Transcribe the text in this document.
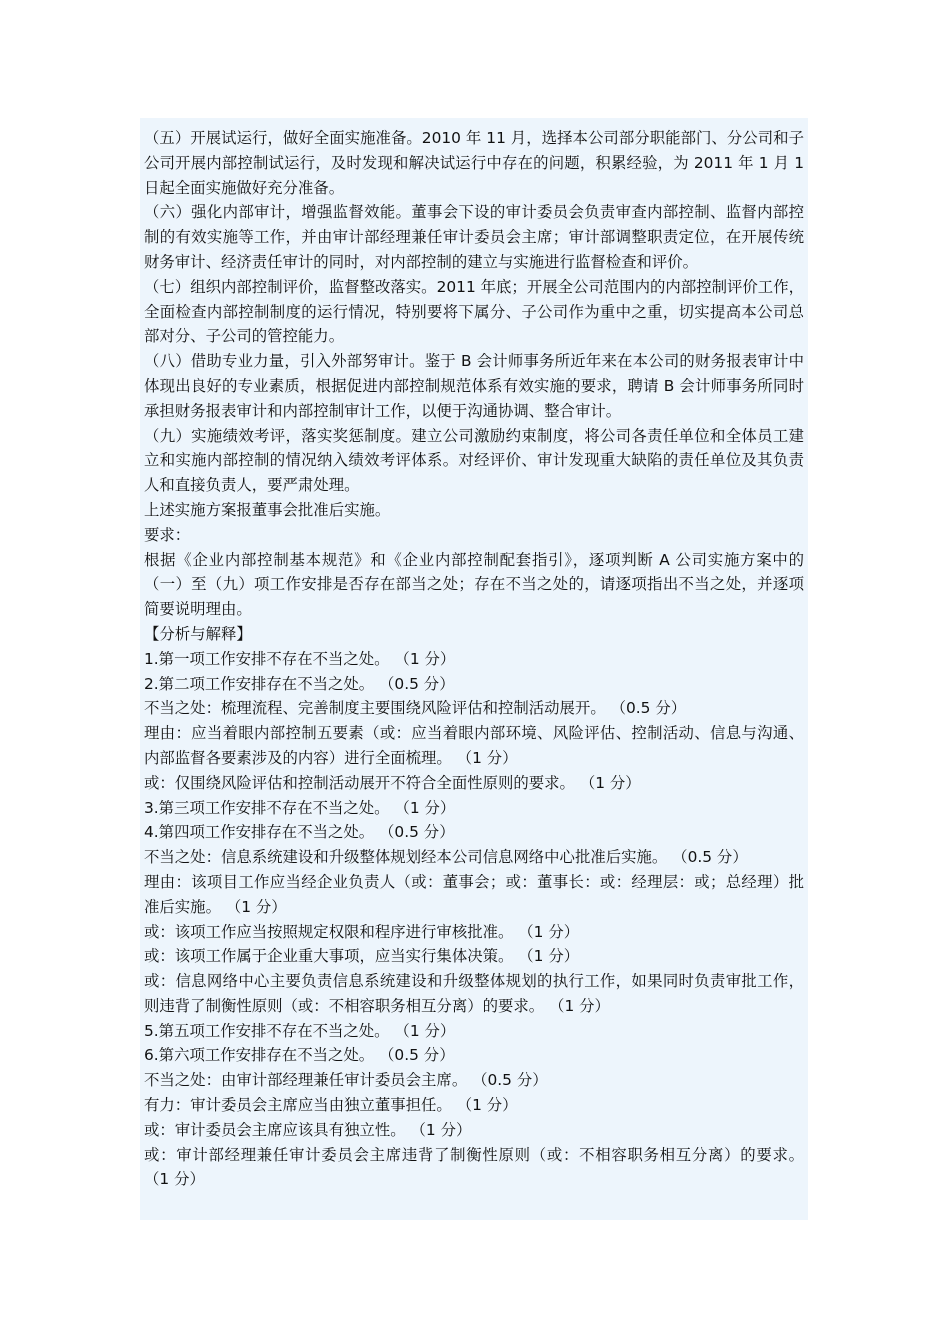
（五）开展试运行，做好全面实施准备。2010 年 11 月，选择本公司部分职能部门、分公司和子公司开展内部控制试运行，及时发现和解决试运行中存在的问题，积累经验，为 2011 年 1 月 1 日起全面实施做好充分准备。

（六）强化内部审计，增强监督效能。董事会下设的审计委员会负责审查内部控制、监督内部控制的有效实施等工作，并由审计部经理兼任审计委员会主席；审计部调整职责定位，在开展传统财务审计、经济责任审计的同时，对内部控制的建立与实施进行监督检查和评价。

（七）组织内部控制评价，监督整改落实。2011 年底；开展全公司范围内的内部控制评价工作，全面检查内部控制制度的运行情况，特别要将下属分、子公司作为重中之重，切实提高本公司总部对分、子公司的管控能力。

（八）借助专业力量，引入外部努审计。鉴于 B 会计师事务所近年来在本公司的财务报表审计中体现出良好的专业素质，根据促进内部控制规范体系有效实施的要求，聘请 B 会计师事务所同时承担财务报表审计和内部控制审计工作，以便于沟通协调、整合审计。

（九）实施绩效考评，落实奖惩制度。建立公司激励约束制度，将公司各责任单位和全体员工建立和实施内部控制的情况纳入绩效考评体系。对经评价、审计发现重大缺陷的责任单位及其负责人和直接负责人，要严肃处理。

上述实施方案报董事会批准后实施。

要求：

根据《企业内部控制基本规范》和《企业内部控制配套指引》，逐项判断 A 公司实施方案中的（一）至（九）项工作安排是否存在部当之处；存在不当之处的，请逐项指出不当之处，并逐项简要说明理由。

【分析与解释】

1.第一项工作安排不存在不当之处。 （1 分）

2.第二项工作安排存在不当之处。 （0.5 分）

不当之处：梳理流程、完善制度主要围绕风险评估和控制活动展开。 （0.5 分）

理由：应当着眼内部控制五要素（或：应当着眼内部环境、风险评估、控制活动、信息与沟通、内部监督各要素涉及的内容）进行全面梳理。 （1 分）

或：仅围绕风险评估和控制活动展开不符合全面性原则的要求。 （1 分）

3.第三项工作安排不存在不当之处。 （1 分）

4.第四项工作安排存在不当之处。 （0.5 分）

不当之处：信息系统建设和升级整体规划经本公司信息网络中心批准后实施。 （0.5 分）

理由：该项目工作应当经企业负责人（或：董事会；或：董事长：或：经理层：或；总经理）批准后实施。 （1 分）

或：该项工作应当按照规定权限和程序进行审核批准。 （1 分）

或：该项工作属于企业重大事项，应当实行集体决策。 （1 分）

或：信息网络中心主要负责信息系统建设和升级整体规划的执行工作，如果同时负责审批工作，则违背了制衡性原则（或：不相容职务相互分离）的要求。 （1 分）

5.第五项工作安排不存在不当之处。 （1 分）

6.第六项工作安排存在不当之处。 （0.5 分）

不当之处：由审计部经理兼任审计委员会主席。 （0.5 分）

有力：审计委员会主席应当由独立董事担任。 （1 分）

或：审计委员会主席应该具有独立性。 （1 分）

或：审计部经理兼任审计委员会主席违背了制衡性原则（或：不相容职务相互分离）的要求。 （1 分）
